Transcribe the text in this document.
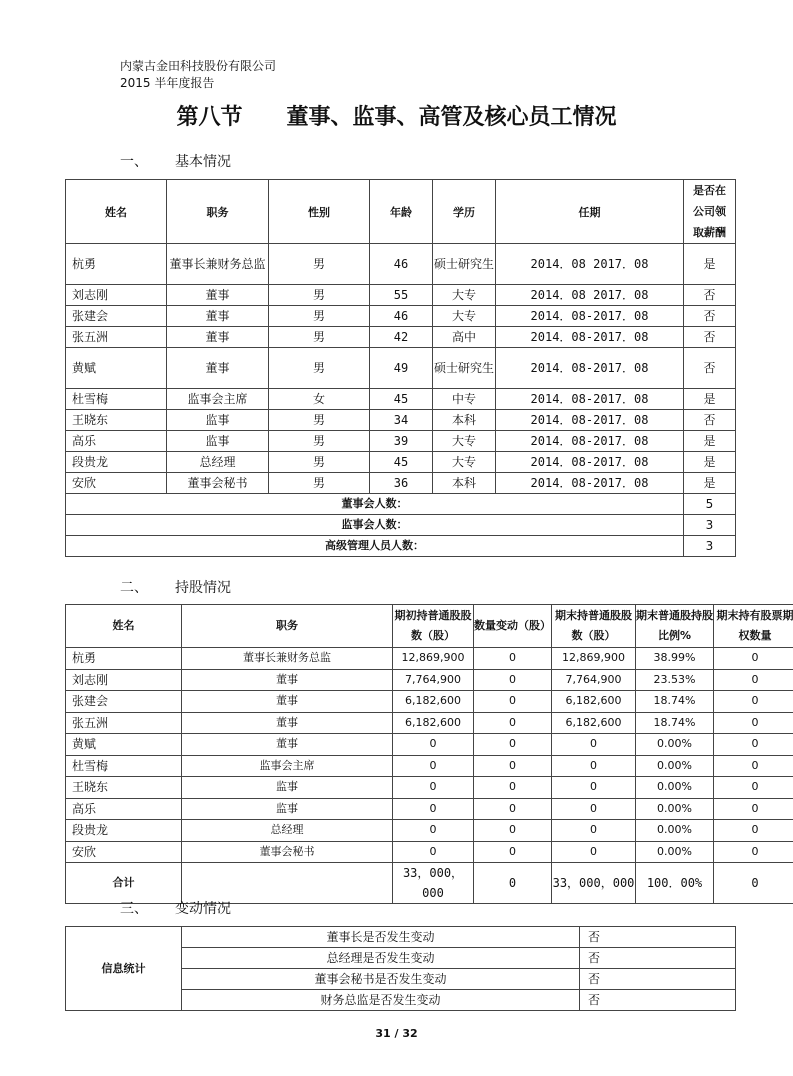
内蒙古金田科技股份有限公司
2015 半年度报告
第八节　　董事、监事、高管及核心员工情况
一、 基本情况
姓名	职务	性别	年龄	学历	任期	是否在
公司领
取薪酬
杭勇	董事长兼财务总监	男	46	硕士研究生	2014．08 2017．08	是
刘志刚	董事	男	55	大专	2014．08 2017．08	否
张建会	董事	男	46	大专	2014．08-2017．08	否
张五洲	董事	男	42	高中	2014．08-2017．08	否
黄赋	董事	男	49	硕士研究生	2014．08-2017．08	否
杜雪梅	监事会主席	女	45	中专	2014．08-2017．08	是
王晓东	监事	男	34	本科	2014．08-2017．08	否
高乐	监事	男	39	大专	2014．08-2017．08	是
段贵龙	总经理	男	45	大专	2014．08-2017．08	是
安欣	董事会秘书	男	36	本科	2014．08-2017．08	是
董事会人数：						5
监事会人数：						3
高级管理人员人数：						3
二、 持股情况
姓名	职务	期初持普通股股数（股）	数量变动（股）	期末持普通股股数（股）	期末普通股持股比例%	期末持有股票期权数量
杭勇	董事长兼财务总监	12,869,900	0	12,869,900	38.99%	0
刘志刚	董事	7,764,900	0	7,764,900	23.53%	0
张建会	董事	6,182,600	0	6,182,600	18.74%	0
张五洲	董事	6,182,600	0	6,182,600	18.74%	0
黄赋	董事	0	0	0	0.00%	0
杜雪梅	监事会主席	0	0	0	0.00%	0
王晓东	监事	0	0	0	0.00%	0
高乐	监事	0	0	0	0.00%	0
段贵龙	总经理	0	0	0	0.00%	0
安欣	董事会秘书	0	0	0	0.00%	0
合计		33，000，000	0	33，000，000	100．00%	0
三、 变动情况
信息统计	董事长是否发生变动	否
	总经理是否发生变动	否
	董事会秘书是否发生变动	否
	财务总监是否发生变动	否
31 / 32
